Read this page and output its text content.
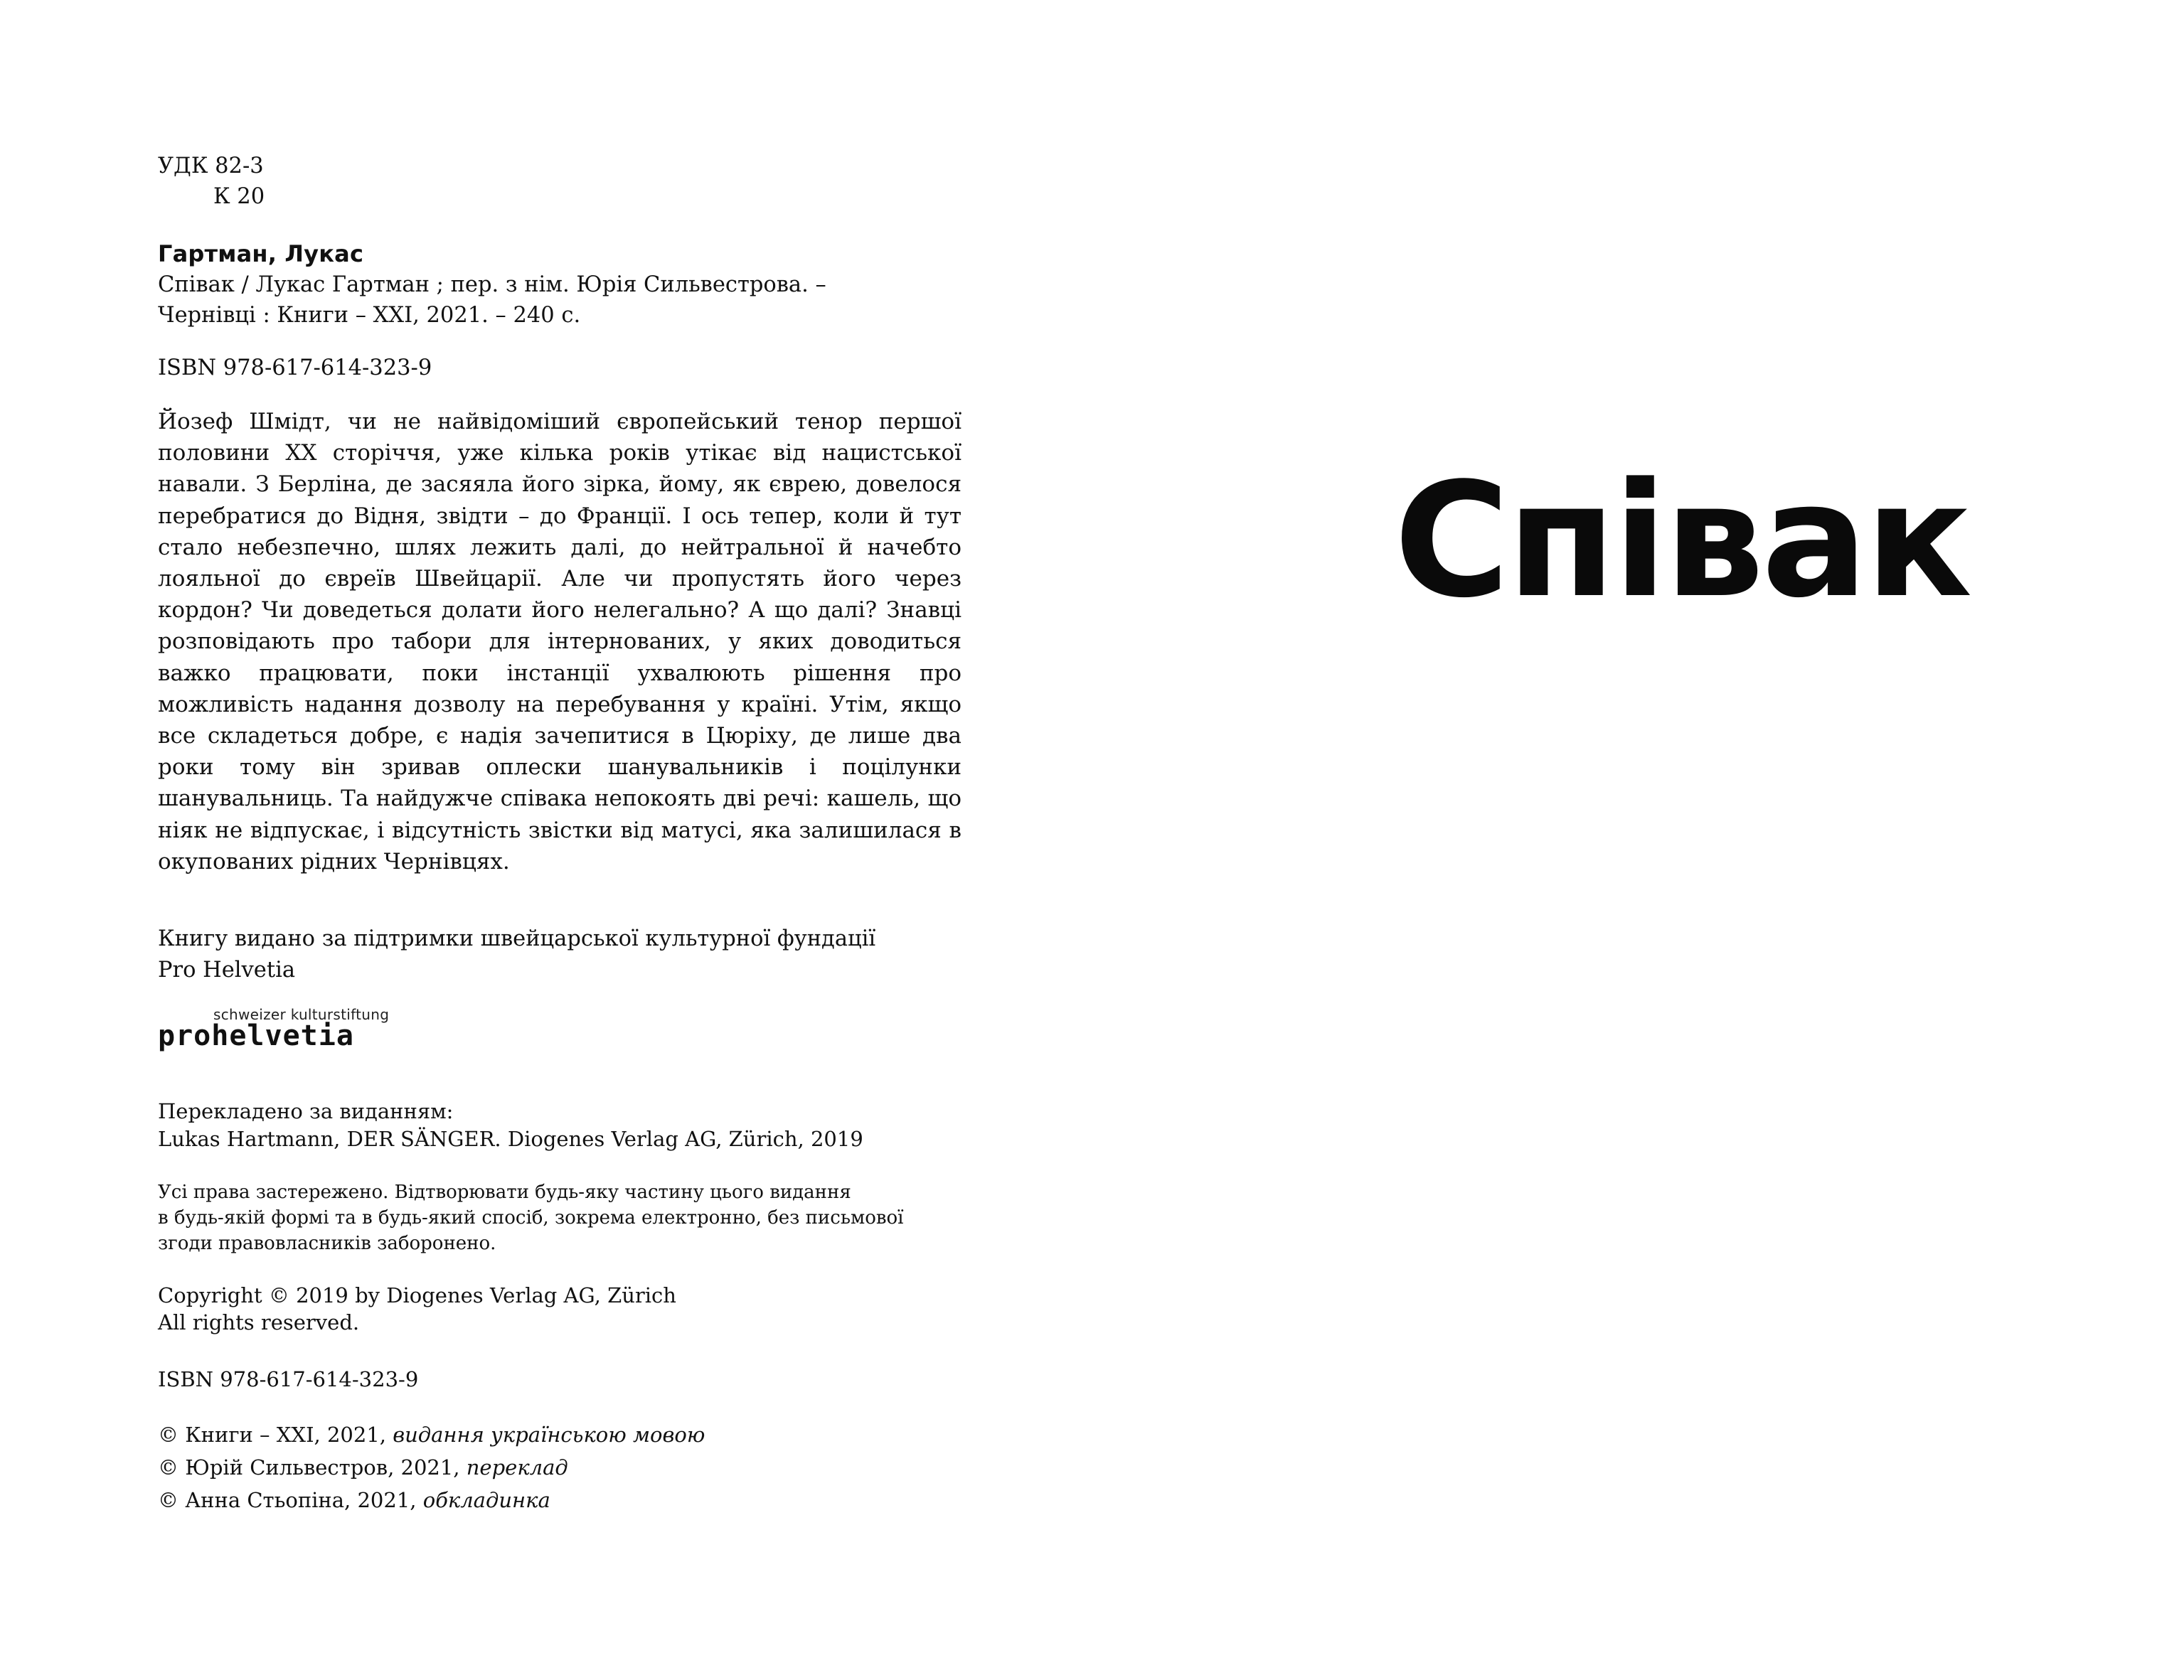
УДК 82-3
К 20
Гартман, Лукас
Співак / Лукас Гартман ; пер. з нім. Юрія Сильвестрова. –
Чернівці : Книги – ХХІ, 2021. – 240 с.
ISBN 978-617-614-323-9
Йозеф Шмідт, чи не найвідоміший європейський тенор першої половини ХХ сторіччя, уже кілька років утікає від нацистської навали. З Берліна, де засяяла його зірка, йому, як єврею, довелося перебратися до Відня, звідти – до Франції. І ось тепер, коли й тут стало небезпечно, шлях лежить далі, до нейтральної й начебто лояльної до євреїв Швейцарії. Але чи пропустять його через кордон? Чи доведеться долати його нелегально? А що далі? Знавці розповідають про табори для інтернованих, у яких доводиться важко працювати, поки інстанції ухвалюють рішення про можливість надання дозволу на перебування у країні. Утім, якщо все складеться добре, є надія зачепитися в Цюріху, де лише два роки тому він зривав оплески шанувальників і поцілунки шанувальниць. Та найдужче співака непокоять дві речі: кашель, що ніяк не відпускає, і відсутність звістки від матусі, яка залишилася в окупованих рідних Чернівцях.
Книгу видано за підтримки швейцарської культурної фундації
Pro Helvetia
schweizer kulturstiftung
prohelvetia
Перекладено за виданням:
Lukas Hartmann, DER SÄNGER. Diogenes Verlag AG, Zürich, 2019
Усі права застережено. Відтворювати будь-яку частину цього видання
в будь-якій формі та в будь-який спосіб, зокрема електронно, без письмової
згоди правовласників заборонено.
Copyright © 2019 by Diogenes Verlag AG, Zürich
All rights reserved.
ISBN 978-617-614-323-9
© Книги – ХХІ, 2021, видання українською мовою
© Юрій Сильвестров, 2021, переклад
© Анна Стьопіна, 2021, обкладинка
Співак
